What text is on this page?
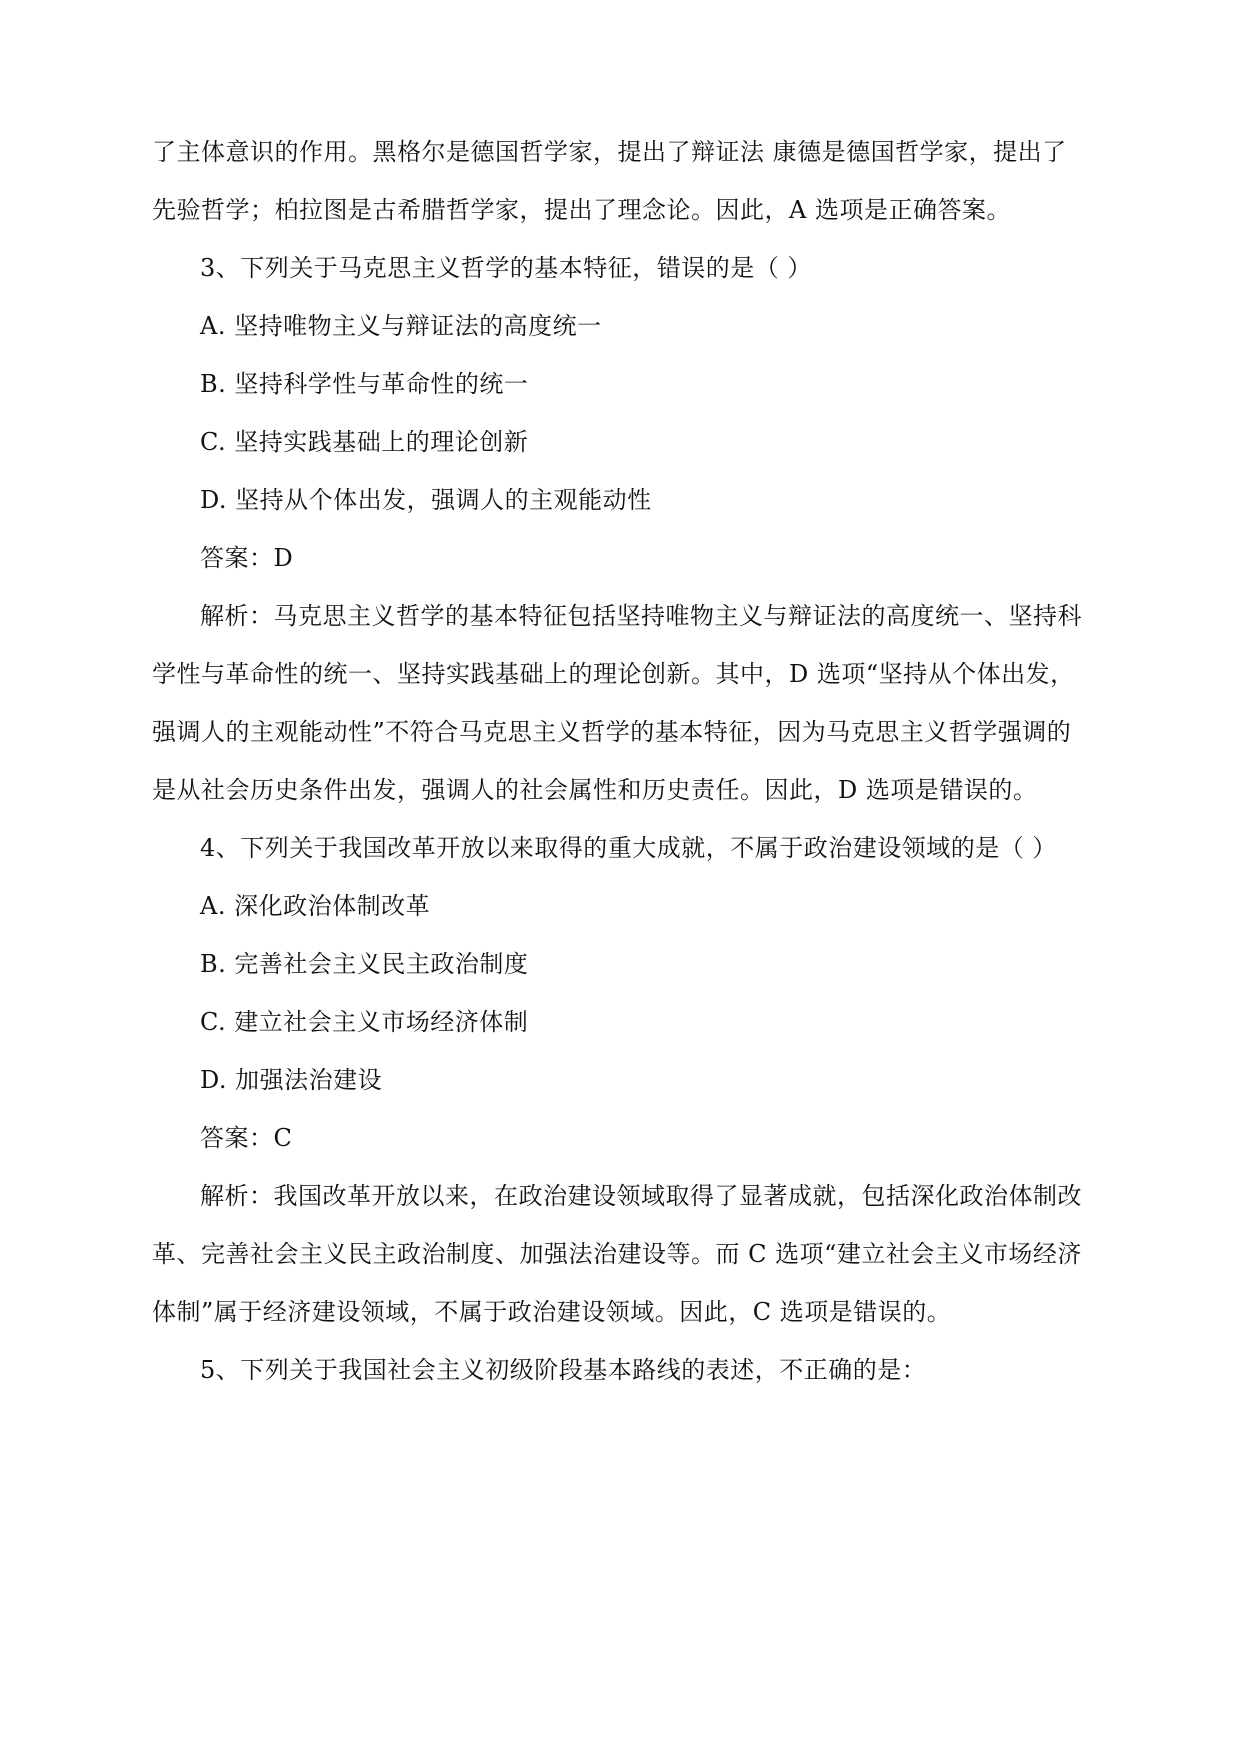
了主体意识的作用。黑格尔是德国哲学家，提出了辩证法 康德是德国哲学家，提出了
先验哲学；柏拉图是古希腊哲学家，提出了理念论。因此，A 选项是正确答案。
3、下列关于马克思主义哲学的基本特征，错误的是（ ）
A. 坚持唯物主义与辩证法的高度统一
B. 坚持科学性与革命性的统一
C. 坚持实践基础上的理论创新
D. 坚持从个体出发，强调人的主观能动性
答案：D
解析：马克思主义哲学的基本特征包括坚持唯物主义与辩证法的高度统一、坚持科
学性与革命性的统一、坚持实践基础上的理论创新。其中，D 选项“坚持从个体出发，
强调人的主观能动性”不符合马克思主义哲学的基本特征，因为马克思主义哲学强调的
是从社会历史条件出发，强调人的社会属性和历史责任。因此，D 选项是错误的。
4、下列关于我国改革开放以来取得的重大成就，不属于政治建设领域的是（ ）
A. 深化政治体制改革
B. 完善社会主义民主政治制度
C. 建立社会主义市场经济体制
D. 加强法治建设
答案：C
解析：我国改革开放以来，在政治建设领域取得了显著成就，包括深化政治体制改
革、完善社会主义民主政治制度、加强法治建设等。而 C 选项“建立社会主义市场经济
体制”属于经济建设领域，不属于政治建设领域。因此，C 选项是错误的。
5、下列关于我国社会主义初级阶段基本路线的表述，不正确的是：
